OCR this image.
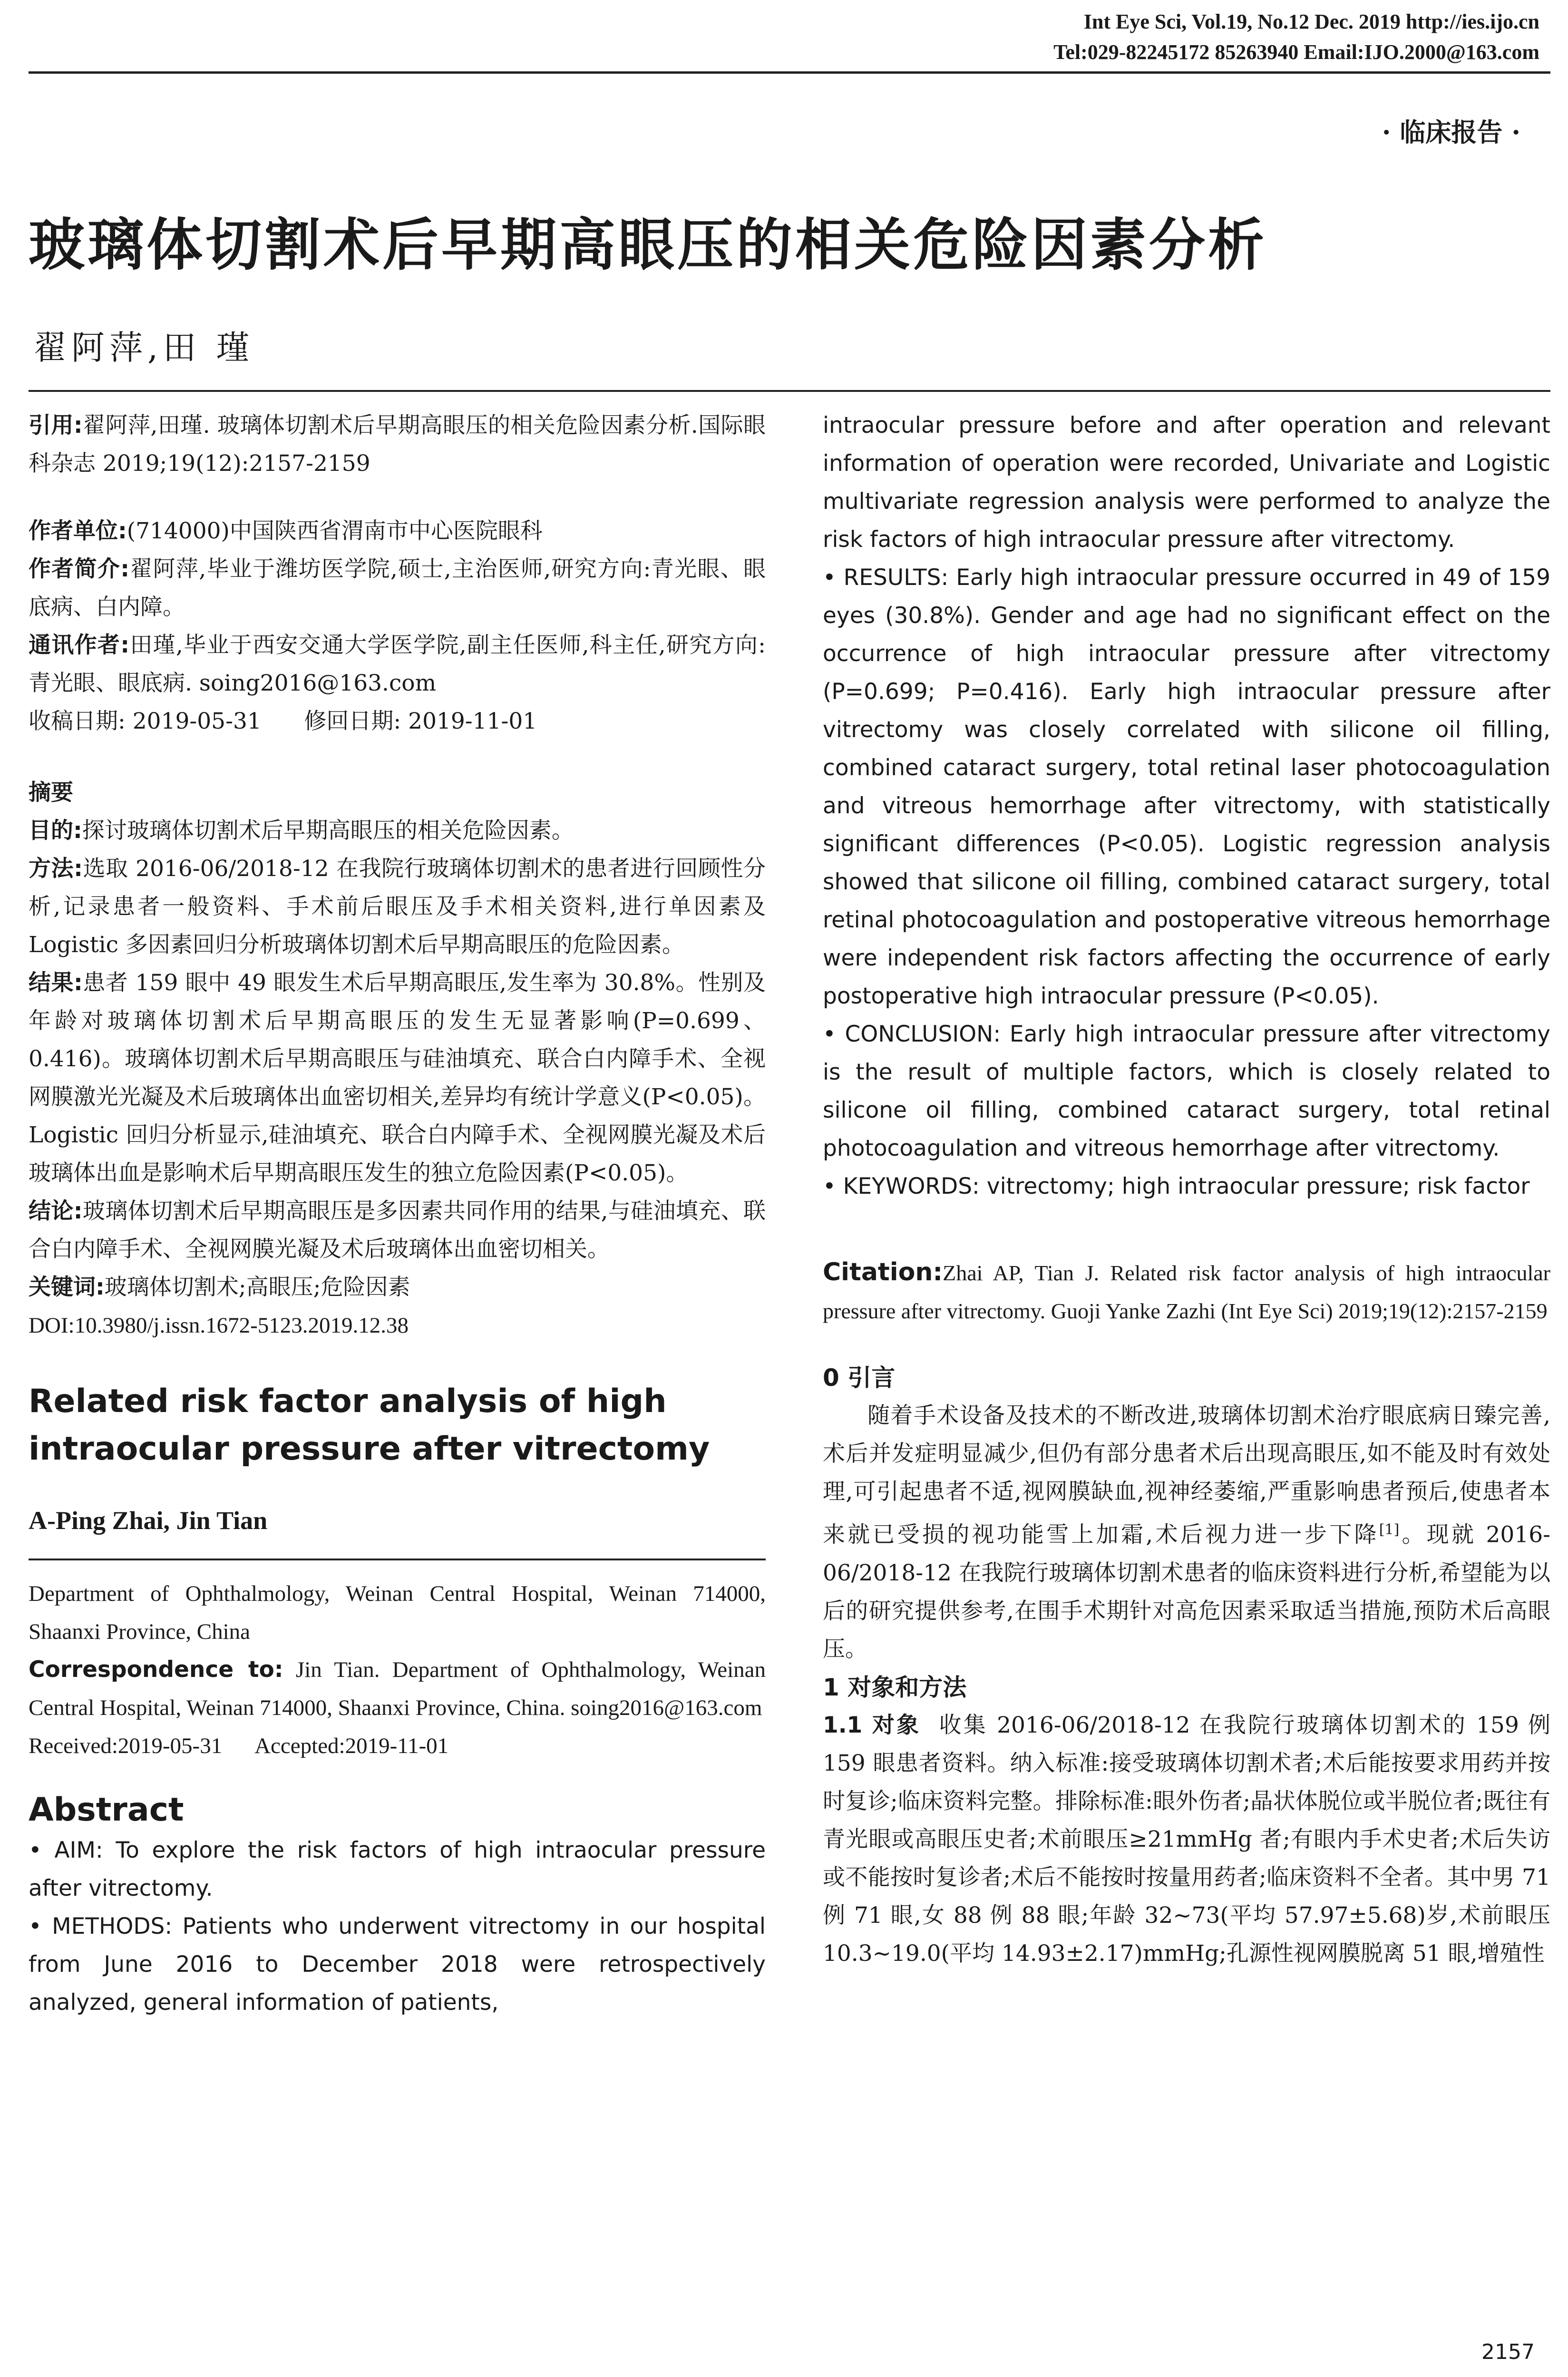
Int Eye Sci, Vol.19, No.12 Dec. 2019 http://ies.ijo.cn
Tel:029-82245172 85263940 Email:IJO.2000@163.com
· 临床报告 ·
玻璃体切割术后早期高眼压的相关危险因素分析
翟阿萍,田 瑾
引用:翟阿萍,田瑾. 玻璃体切割术后早期高眼压的相关危险因素分析.国际眼科杂志 2019;19(12):2157-2159
作者单位:(714000)中国陕西省渭南市中心医院眼科
作者简介:翟阿萍,毕业于潍坊医学院,硕士,主治医师,研究方向:青光眼、眼底病、白内障。
通讯作者:田瑾,毕业于西安交通大学医学院,副主任医师,科主任,研究方向:青光眼、眼底病. soing2016@163.com
收稿日期: 2019-05-31      修回日期: 2019-11-01
摘要
目的:探讨玻璃体切割术后早期高眼压的相关危险因素。
方法:选取 2016-06/2018-12 在我院行玻璃体切割术的患者进行回顾性分析,记录患者一般资料、手术前后眼压及手术相关资料,进行单因素及 Logistic 多因素回归分析玻璃体切割术后早期高眼压的危险因素。
结果:患者 159 眼中 49 眼发生术后早期高眼压,发生率为 30.8%。性别及年龄对玻璃体切割术后早期高眼压的发生无显著影响(P=0.699、0.416)。玻璃体切割术后早期高眼压与硅油填充、联合白内障手术、全视网膜激光光凝及术后玻璃体出血密切相关,差异均有统计学意义(P<0.05)。Logistic 回归分析显示,硅油填充、联合白内障手术、全视网膜光凝及术后玻璃体出血是影响术后早期高眼压发生的独立危险因素(P<0.05)。
结论:玻璃体切割术后早期高眼压是多因素共同作用的结果,与硅油填充、联合白内障手术、全视网膜光凝及术后玻璃体出血密切相关。
关键词:玻璃体切割术;高眼压;危险因素
DOI:10.3980/j.issn.1672-5123.2019.12.38
Related risk factor analysis of high intraocular pressure after vitrectomy
A-Ping Zhai, Jin Tian
Department of Ophthalmology, Weinan Central Hospital, Weinan 714000, Shaanxi Province, China
Correspondence to: Jin Tian. Department of Ophthalmology, Weinan Central Hospital, Weinan 714000, Shaanxi Province, China. soing2016@163.com
Received:2019-05-31      Accepted:2019-11-01
Abstract
• AIM: To explore the risk factors of high intraocular pressure after vitrectomy.
• METHODS: Patients who underwent vitrectomy in our hospital from June 2016 to December 2018 were retrospectively analyzed, general information of patients,
intraocular pressure before and after operation and relevant information of operation were recorded, Univariate and Logistic multivariate regression analysis were performed to analyze the risk factors of high intraocular pressure after vitrectomy.
• RESULTS: Early high intraocular pressure occurred in 49 of 159 eyes (30.8%). Gender and age had no significant effect on the occurrence of high intraocular pressure after vitrectomy (P=0.699; P=0.416). Early high intraocular pressure after vitrectomy was closely correlated with silicone oil filling, combined cataract surgery, total retinal laser photocoagulation and vitreous hemorrhage after vitrectomy, with statistically significant differences (P<0.05). Logistic regression analysis showed that silicone oil filling, combined cataract surgery, total retinal photocoagulation and postoperative vitreous hemorrhage were independent risk factors affecting the occurrence of early postoperative high intraocular pressure (P<0.05).
• CONCLUSION: Early high intraocular pressure after vitrectomy is the result of multiple factors, which is closely related to silicone oil filling, combined cataract surgery, total retinal photocoagulation and vitreous hemorrhage after vitrectomy.
• KEYWORDS: vitrectomy; high intraocular pressure; risk factor
Citation:Zhai AP, Tian J. Related risk factor analysis of high intraocular pressure after vitrectomy. Guoji Yanke Zazhi (Int Eye Sci) 2019;19(12):2157-2159
0 引言
随着手术设备及技术的不断改进,玻璃体切割术治疗眼底病日臻完善,术后并发症明显减少,但仍有部分患者术后出现高眼压,如不能及时有效处理,可引起患者不适,视网膜缺血,视神经萎缩,严重影响患者预后,使患者本来就已受损的视功能雪上加霜,术后视力进一步下降[1]。现就 2016-06/2018-12 在我院行玻璃体切割术患者的临床资料进行分析,希望能为以后的研究提供参考,在围手术期针对高危因素采取适当措施,预防术后高眼压。
1 对象和方法
1.1 对象  收集 2016-06/2018-12 在我院行玻璃体切割术的 159 例 159 眼患者资料。纳入标准:接受玻璃体切割术者;术后能按要求用药并按时复诊;临床资料完整。排除标准:眼外伤者;晶状体脱位或半脱位者;既往有青光眼或高眼压史者;术前眼压≥21mmHg 者;有眼内手术史者;术后失访或不能按时复诊者;术后不能按时按量用药者;临床资料不全者。其中男 71 例 71 眼,女 88 例 88 眼;年龄 32~73(平均 57.97±5.68)岁,术前眼压 10.3~19.0(平均 14.93±2.17)mmHg;孔源性视网膜脱离 51 眼,增殖性
2157
